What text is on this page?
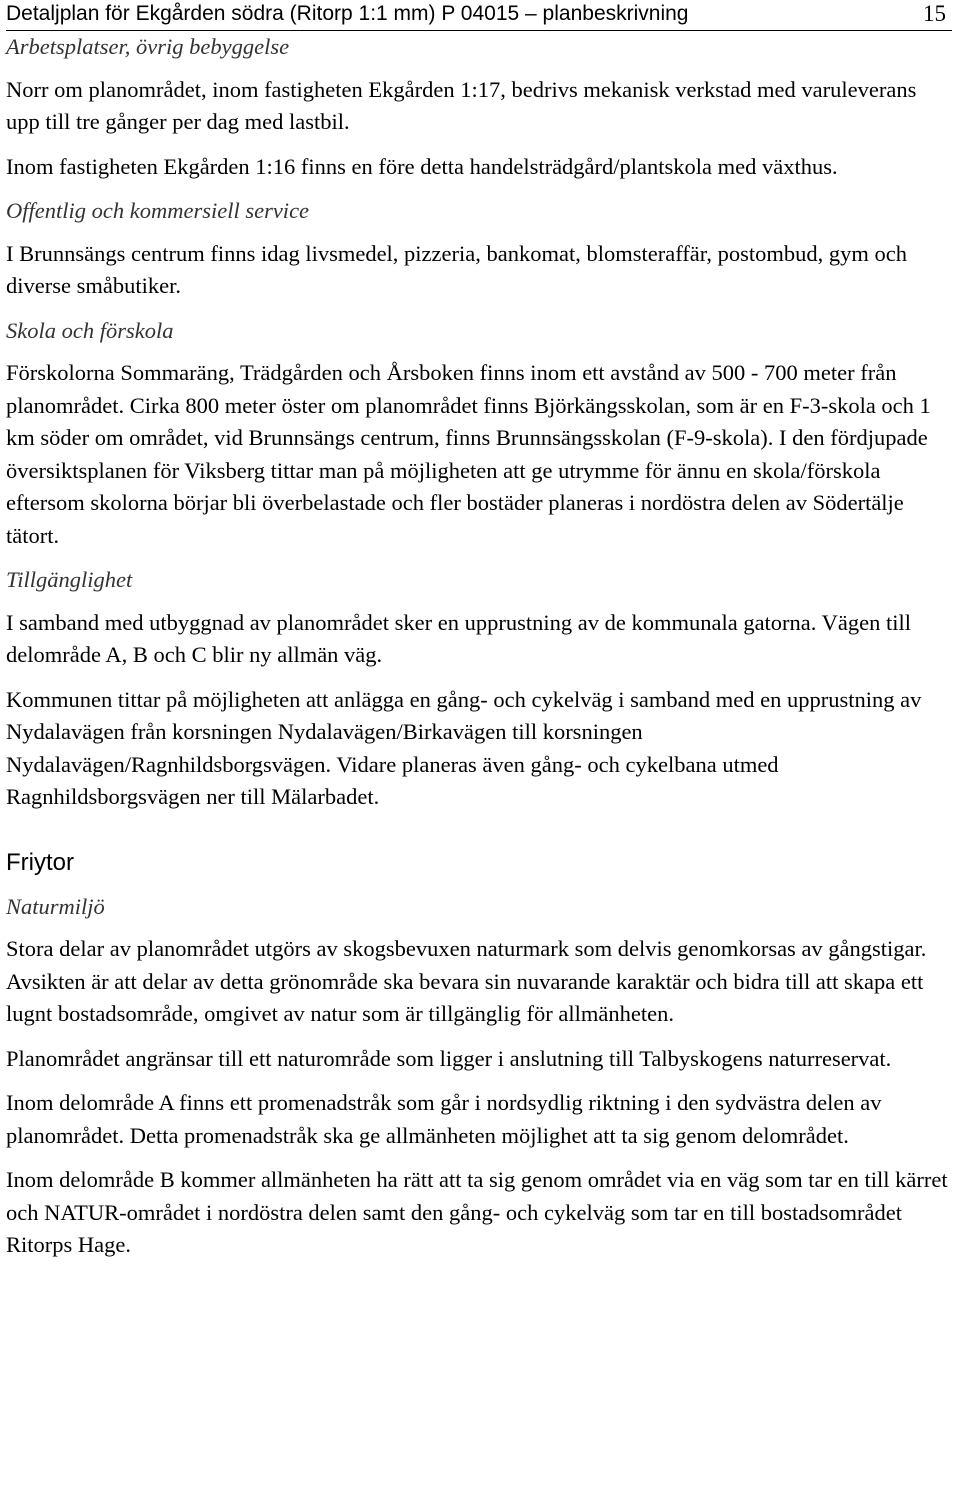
Detaljplan för Ekgården södra (Ritorp 1:1 mm) P 04015 – planbeskrivning	15
Arbetsplatser, övrig bebyggelse

Norr om planområdet, inom fastigheten Ekgården 1:17, bedrivs mekanisk verkstad med varuleverans upp till tre gånger per dag med lastbil.

Inom fastigheten Ekgården 1:16 finns en före detta handelsträdgård/plantskola med växthus.

Offentlig och kommersiell service

I Brunnsängs centrum finns idag livsmedel, pizzeria, bankomat, blomsteraffär, postombud, gym och diverse småbutiker.

Skola och förskola

Förskolorna Sommaräng, Trädgården och Årsboken finns inom ett avstånd av 500 - 700 meter från planområdet. Cirka 800 meter öster om planområdet finns Björkängsskolan, som är en F-3-skola och 1 km söder om området, vid Brunnsängs centrum, finns Brunnsängsskolan (F-9-skola). I den fördjupade översiktsplanen för Viksberg tittar man på möjligheten att ge utrymme för ännu en skola/förskola eftersom skolorna börjar bli överbelastade och fler bostäder planeras i nordöstra delen av Södertälje tätort.

Tillgänglighet

I samband med utbyggnad av planområdet sker en upprustning av de kommunala gatorna. Vägen till delområde A, B och C blir ny allmän väg.

Kommunen tittar på möjligheten att anlägga en gång- och cykelväg i samband med en upprustning av Nydalavägen från korsningen Nydalavägen/Birkavägen till korsningen Nydalavägen/Ragnhildsborgsvägen. Vidare planeras även gång- och cykelbana utmed Ragnhildsborgsvägen ner till Mälarbadet.

Friytor
Naturmiljö

Stora delar av planområdet utgörs av skogsbevuxen naturmark som delvis genomkorsas av gångstigar. Avsikten är att delar av detta grönområde ska bevara sin nuvarande karaktär och bidra till att skapa ett lugnt bostadsområde, omgivet av natur som är tillgänglig för allmänheten.

Planområdet angränsar till ett naturområde som ligger i anslutning till Talbyskogens naturreservat.

Inom delområde A finns ett promenadstråk som går i nordsydlig riktning i den sydvästra delen av planområdet. Detta promenadstråk ska ge allmänheten möjlighet att ta sig genom delområdet.

Inom delområde B kommer allmänheten ha rätt att ta sig genom området via en väg som tar en till kärret och NATUR-området i nordöstra delen samt den gång- och cykelväg som tar en till bostadsområdet Ritorps Hage.
